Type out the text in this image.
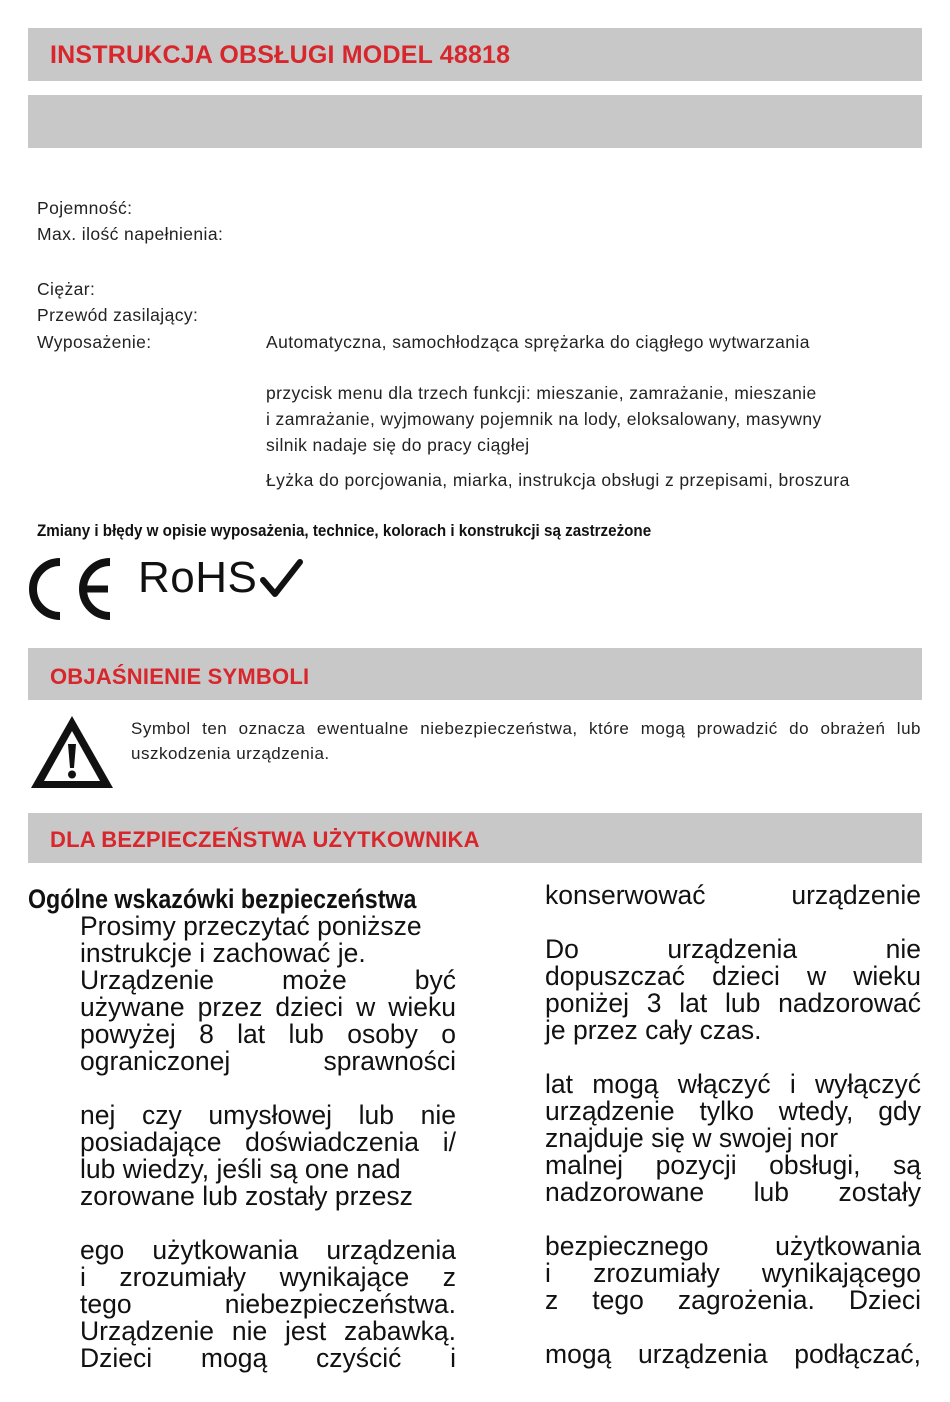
INSTRUKCJA OBSŁUGI MODEL 48818
Pojemność:
Max. ilość napełnienia:
Ciężar:
Przewód zasilający:
Wyposażenie:	Automatyczna, samochłodząca sprężarka do ciągłego wytwarzania
przycisk menu dla trzech funkcji: mieszanie, zamrażanie, mieszanie
i zamrażanie, wyjmowany pojemnik na lody, eloksalowany, masywny
silnik nadaje się do pracy ciągłej
Łyżka do porcjowania, miarka, instrukcja obsługi z przepisami, broszura
Zmiany i błędy w opisie wyposażenia, technice, kolorach i konstrukcji są zastrzeżone
RoHS
OBJAŚNIENIE SYMBOLI
Symbol ten oznacza ewentualne niebezpieczeństwa, które mogą prowadzić do obrażeń lub uszkodzenia urządzenia.
DLA BEZPIECZEŃSTWA UŻYTKOWNIKA
Ogólne wskazówki bezpieczeństwa

Prosimy przeczytać poniższe

instrukcje i zachować je.

Urządzenie może być

używane przez dzieci w wieku

powyżej 8 lat lub osoby o

ograniczonej sprawności

nej czy umysłowej lub nie

posiadające doświadczenia i/

lub wiedzy, jeśli są one nad

zorowane lub zostały przesz

ego użytkowania urządzenia

i zrozumiały wynikające z

tego niebezpieczeństwa.

Urządzenie nie jest zabawką.

Dzieci mogą czyścić i

konserwować urządzenie

Do urządzenia nie

dopuszczać dzieci w wieku

poniżej 3 lat lub nadzorować

je przez cały czas.

lat mogą włączyć i wyłączyć

urządzenie tylko wtedy, gdy

znajduje się w swojej nor

malnej pozycji obsługi, są

nadzorowane lub zostały

bezpiecznego użytkowania

i zrozumiały wynikającego

z tego zagrożenia. Dzieci

mogą urządzenia podłączać,
